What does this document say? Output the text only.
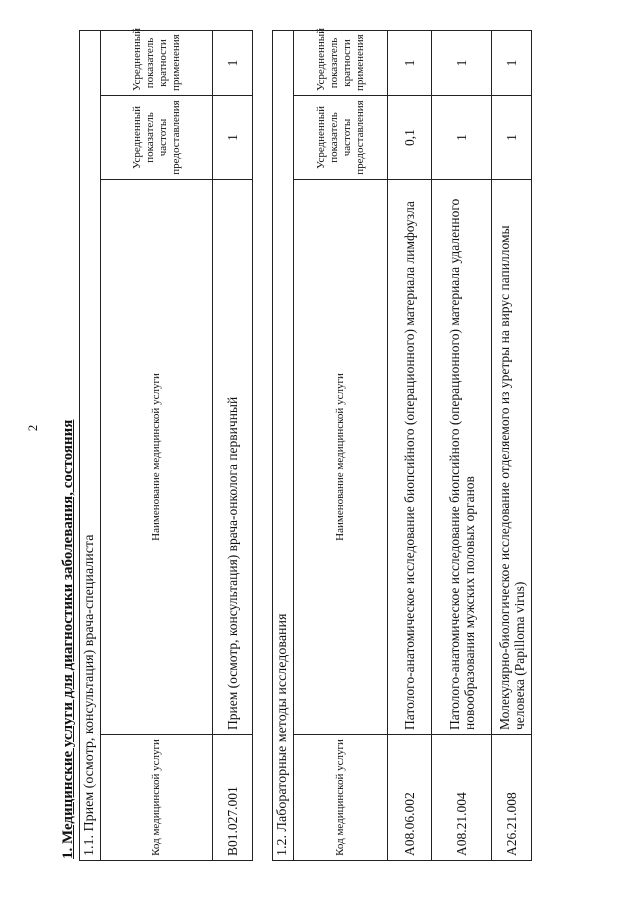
2	1. Медицинские услуги для диагностики заболевания, состояния 1.1. Прием (осмотр, консультация) врача-специалиста			
Код медицинской услуги	Наименование медицинской услуги	Усредненный показатель частоты предоставления	Усредненный показатель кратности применения
B01.027.001	Прием (осмотр, консультация) врача-онколога первичный	1	1
1.2. Лабораторные методы исследования			
Код медицинской услуги	Наименование медицинской услуги	Усредненный показатель частоты предоставления	Усредненный показатель кратности применения
A08.06.002	Патолого-анатомическое исследование биопсийного (операционного) материала лимфоузла	0,1	1
A08.21.004	Патолого-анатомическое исследование биопсийного (операционного) материала удаленного новообразования мужских половых органов	1	1
A26.21.008	Молекулярно-биологическое исследование отделяемого из уретры на вирус папилломы человека (Papilloma virus)	1	1
